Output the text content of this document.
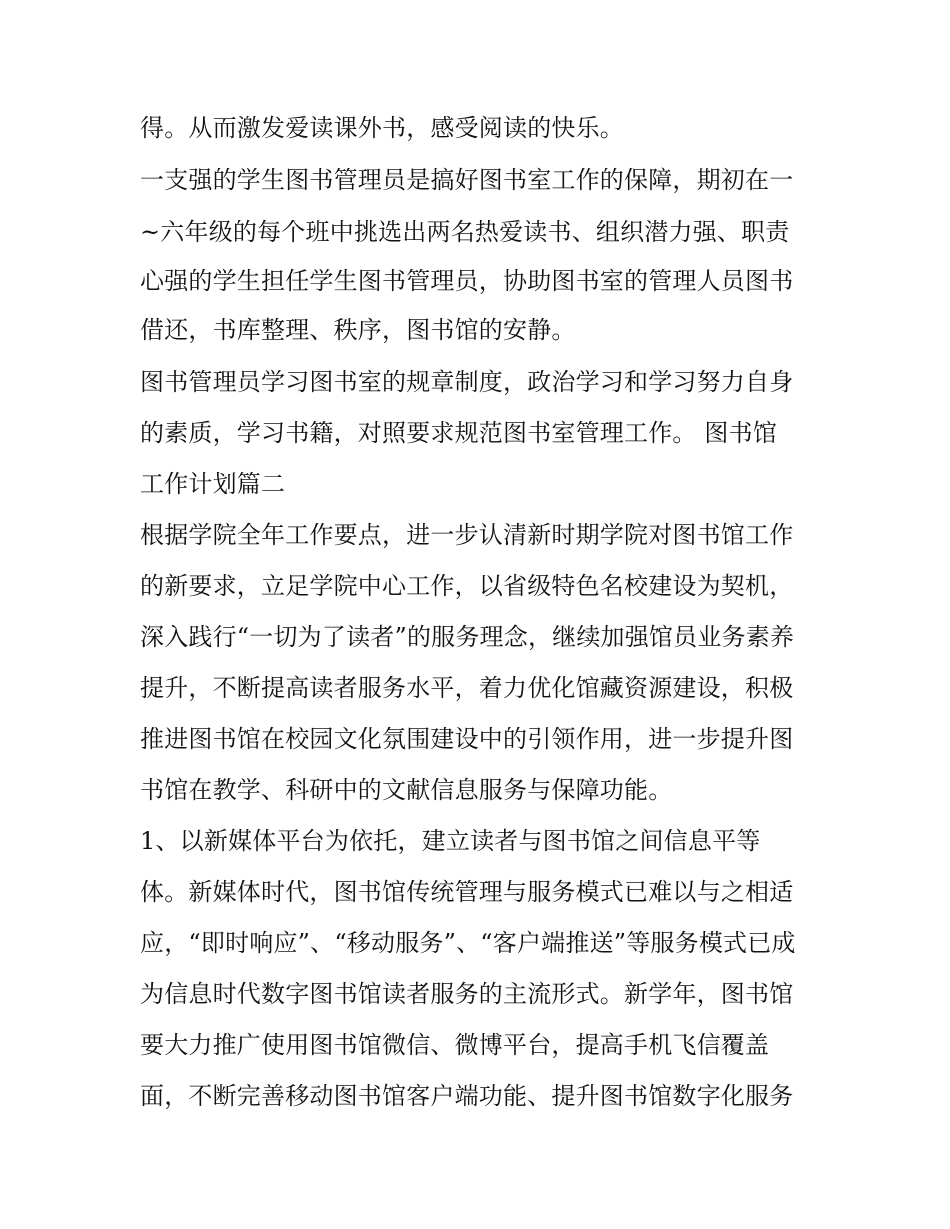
得。从而激发爱读课外书，感受阅读的快乐。
一支强的学生图书管理员是搞好图书室工作的保障，期初在一
~六年级的每个班中挑选出两名热爱读书、组织潜力强、职责
心强的学生担任学生图书管理员，协助图书室的管理人员图书
借还，书库整理、秩序，图书馆的安静。
图书管理员学习图书室的规章制度，政治学习和学习努力自身
的素质，学习书籍，对照要求规范图书室管理工作。 图书馆
工作计划篇二
根据学院全年工作要点，进一步认清新时期学院对图书馆工作
的新要求，立足学院中心工作，以省级特色名校建设为契机，
深入践行“一切为了读者”的服务理念，继续加强馆员业务素养
提升，不断提高读者服务水平，着力优化馆藏资源建设，积极
推进图书馆在校园文化氛围建设中的引领作用，进一步提升图
书馆在教学、科研中的文献信息服务与保障功能。
1、以新媒体平台为依托，建立读者与图书馆之间信息平等
体。新媒体时代，图书馆传统管理与服务模式已难以与之相适
应，“即时响应”、“移动服务”、“客户端推送”等服务模式已成
为信息时代数字图书馆读者服务的主流形式。新学年，图书馆
要大力推广使用图书馆微信、微博平台，提高手机飞信覆盖
面，不断完善移动图书馆客户端功能、提升图书馆数字化服务
